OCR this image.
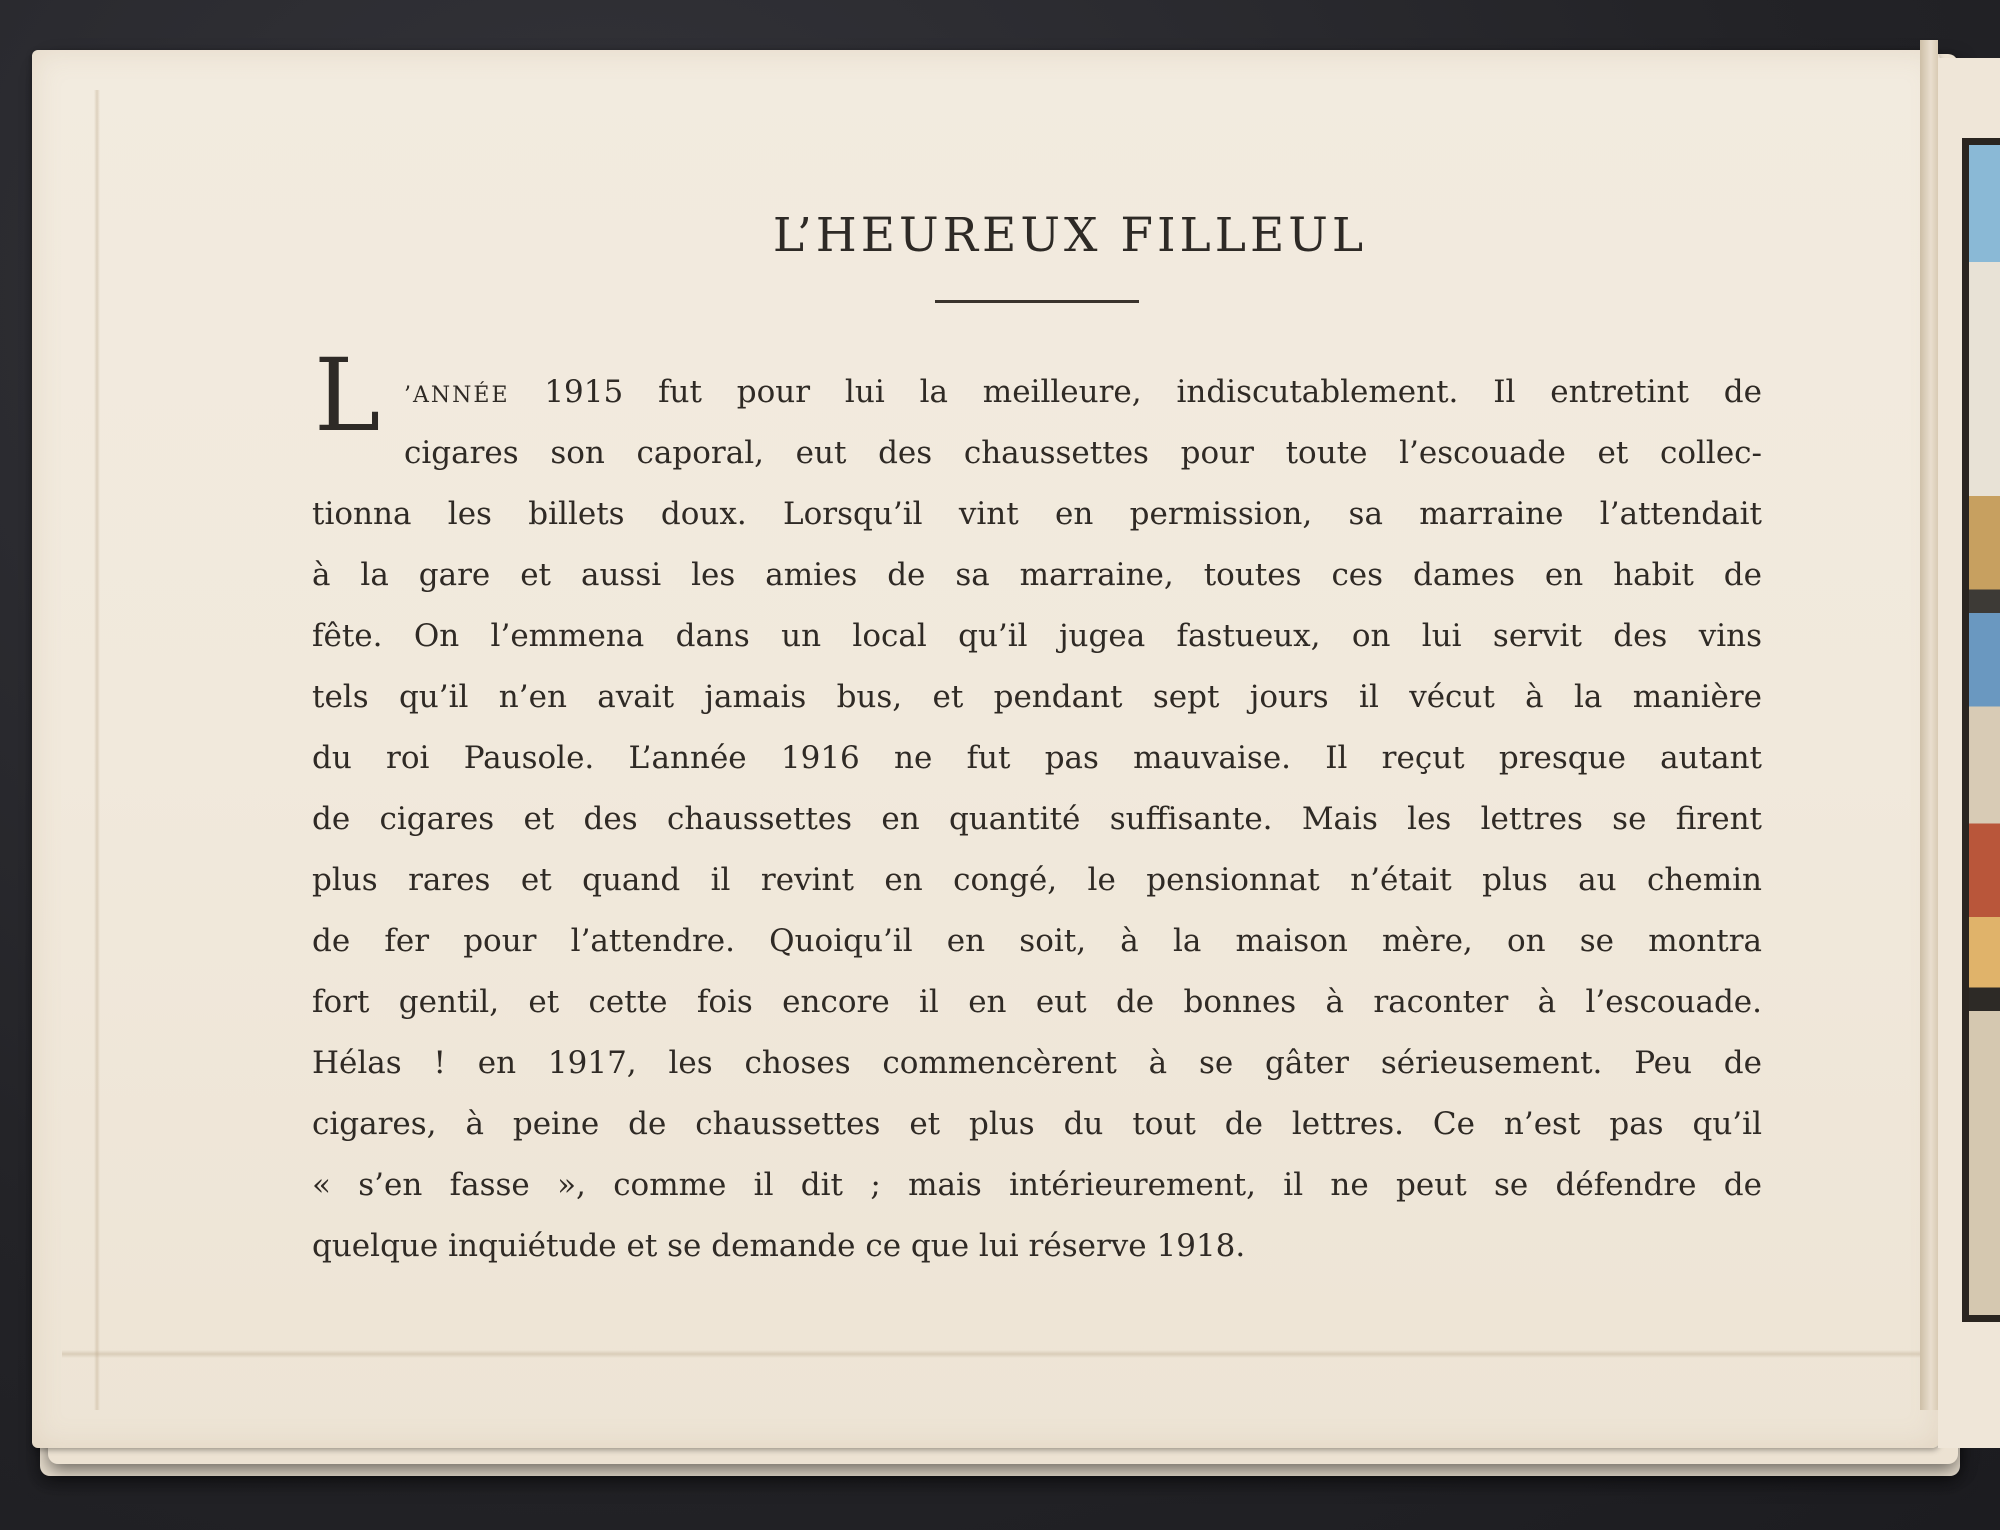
L’HEUREUX FILLEUL
L	’ANNÉE 1915 fut pour lui la meilleure, indiscutablement. Il entretint de
cigares son caporal, eut des chaussettes pour toute l’escouade et collec-
tionna les billets doux. Lorsqu’il vint en permission, sa marraine l’attendait
à la gare et aussi les amies de sa marraine, toutes ces dames en habit de
fête. On l’emmena dans un local qu’il jugea fastueux, on lui servit des vins
tels qu’il n’en avait jamais bus, et pendant sept jours il vécut à la manière
du roi Pausole. L’année 1916 ne fut pas mauvaise. Il reçut presque autant
de cigares et des chaussettes en quantité suffisante. Mais les lettres se firent
plus rares et quand il revint en congé, le pensionnat n’était plus au chemin
de fer pour l’attendre. Quoiqu’il en soit, à la maison mère, on se montra
fort gentil, et cette fois encore il en eut de bonnes à raconter à l’escouade.
Hélas ! en 1917, les choses commencèrent à se gâter sérieusement. Peu de
cigares, à peine de chaussettes et plus du tout de lettres. Ce n’est pas qu’il
« s’en fasse », comme il dit ; mais intérieurement, il ne peut se défendre de
quelque inquiétude et se demande ce que lui réserve 1918.
